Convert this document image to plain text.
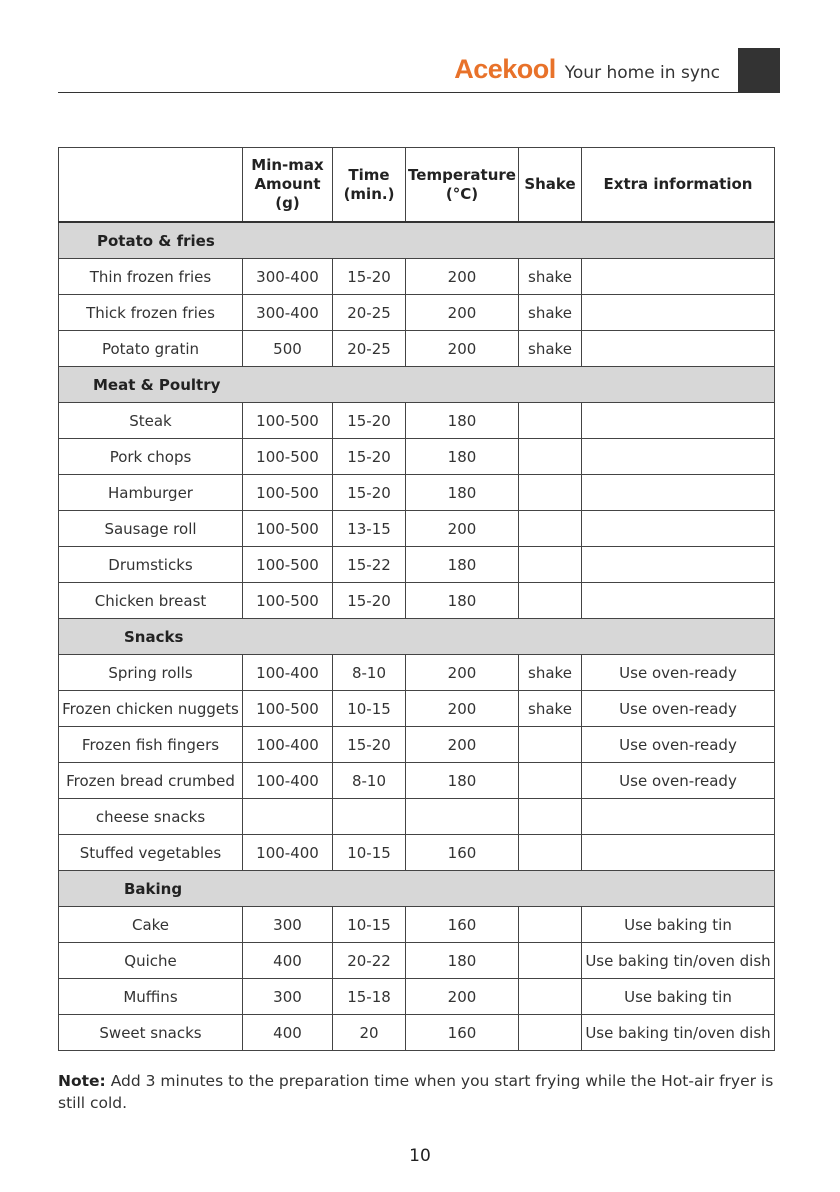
Acekool Your home in sync
	Min-max Amount (g)	Time (min.)	Temperature (°C)	Shake	Extra information
Potato & fries					
Thin frozen fries	300-400	15-20	200	shake	
Thick frozen fries	300-400	20-25	200	shake	
Potato gratin	500	20-25	200	shake	
Meat & Poultry					
Steak	100-500	15-20	180		
Pork chops	100-500	15-20	180		
Hamburger	100-500	15-20	180		
Sausage roll	100-500	13-15	200		
Drumsticks	100-500	15-22	180		
Chicken breast	100-500	15-20	180		
Snacks					
Spring rolls	100-400	8-10	200	shake	Use oven-ready
Frozen chicken nuggets	100-500	10-15	200	shake	Use oven-ready
Frozen fish fingers	100-400	15-20	200		Use oven-ready
Frozen bread crumbed	100-400	8-10	180		Use oven-ready
cheese snacks					
Stuffed vegetables	100-400	10-15	160		
Baking					
Cake	300	10-15	160		Use baking tin
Quiche	400	20-22	180		Use baking tin/oven dish
Muffins	300	15-18	200		Use baking tin
Sweet snacks	400	20	160		Use baking tin/oven dish
Note: Add 3 minutes to the preparation time when you start frying while the Hot-air fryer is still cold.
10
